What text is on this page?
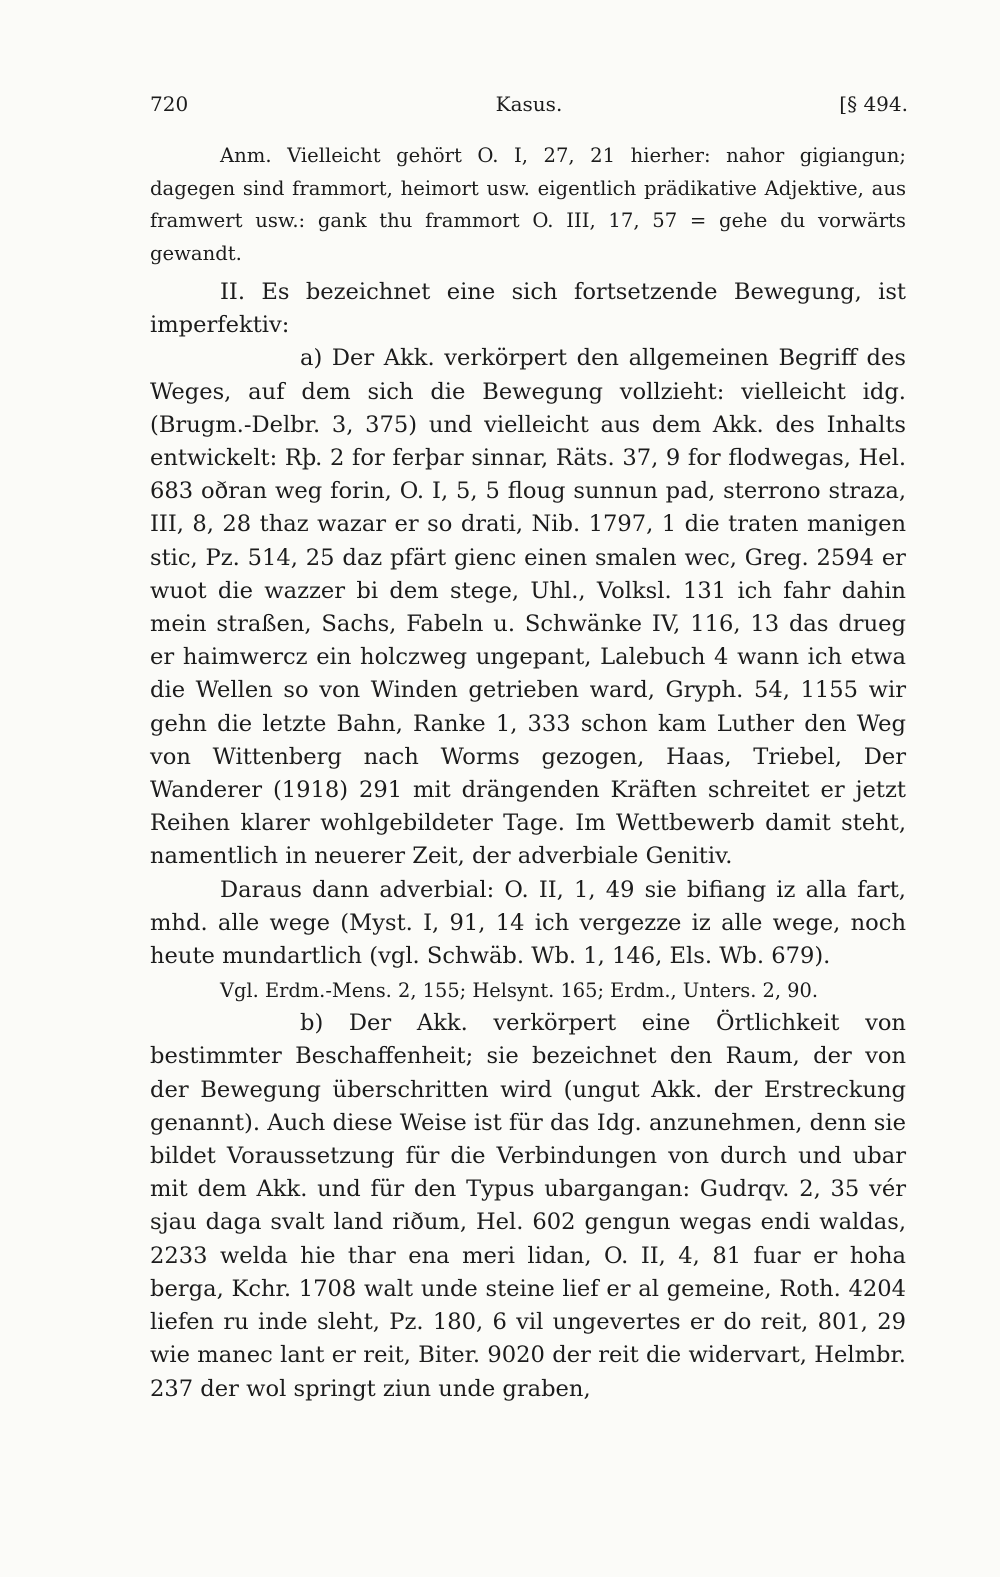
720	Kasus.	[§ 494.

Anm. Vielleicht gehört O. I, 27, 21 hierher: nahor gigiangun; dagegen sind frammort, heimort usw. eigentlich prädikative Adjektive, aus framwert usw.: gank thu frammort O. III, 17, 57 = gehe du vorwärts gewandt.

II. Es bezeichnet eine sich fortsetzende Bewegung, ist imperfektiv:

a) Der Akk. verkörpert den allgemeinen Begriff des Weges, auf dem sich die Bewegung vollzieht: vielleicht idg. (Brugm.-Delbr. 3, 375) und vielleicht aus dem Akk. des Inhalts entwickelt: Rþ. 2 for ferþar sinnar, Räts. 37, 9 for flodwegas, Hel. 683 oðran weg forin, O. I, 5, 5 floug sunnun pad, sterrono straza, III, 8, 28 thaz wazar er so drati, Nib. 1797, 1 die traten manigen stic, Pz. 514, 25 daz pfärt gienc einen smalen wec, Greg. 2594 er wuot die wazzer bi dem stege, Uhl., Volksl. 131 ich fahr dahin mein straßen, Sachs, Fabeln u. Schwänke IV, 116, 13 das drueg er haimwercz ein holczweg ungepant, Lalebuch 4 wann ich etwa die Wellen so von Winden getrieben ward, Gryph. 54, 1155 wir gehn die letzte Bahn, Ranke 1, 333 schon kam Luther den Weg von Wittenberg nach Worms gezogen, Haas, Triebel, Der Wanderer (1918) 291 mit drängenden Kräften schreitet er jetzt Reihen klarer wohlgebildeter Tage. Im Wettbewerb damit steht, namentlich in neuerer Zeit, der adverbiale Genitiv.

Daraus dann adverbial: O. II, 1, 49 sie bifiang iz alla fart, mhd. alle wege (Myst. I, 91, 14 ich vergezze iz alle wege, noch heute mundartlich (vgl. Schwäb. Wb. 1, 146, Els. Wb. 679).

Vgl. Erdm.-Mens. 2, 155; Helsynt. 165; Erdm., Unters. 2, 90.

b) Der Akk. verkörpert eine Örtlichkeit von bestimmter Beschaffenheit; sie bezeichnet den Raum, der von der Bewegung überschritten wird (ungut Akk. der Erstreckung genannt). Auch diese Weise ist für das Idg. anzunehmen, denn sie bildet Voraussetzung für die Verbindungen von durch und ubar mit dem Akk. und für den Typus ubargangan: Gudrqv. 2, 35 vér sjau daga svalt land riðum, Hel. 602 gengun wegas endi waldas, 2233 welda hie thar ena meri lidan, O. II, 4, 81 fuar er hoha berga, Kchr. 1708 walt unde steine lief er al gemeine, Roth. 4204 liefen ru inde sleht, Pz. 180, 6 vil ungevertes er do reit, 801, 29 wie manec lant er reit, Biter. 9020 der reit die widervart, Helmbr. 237 der wol springt ziun unde graben,
